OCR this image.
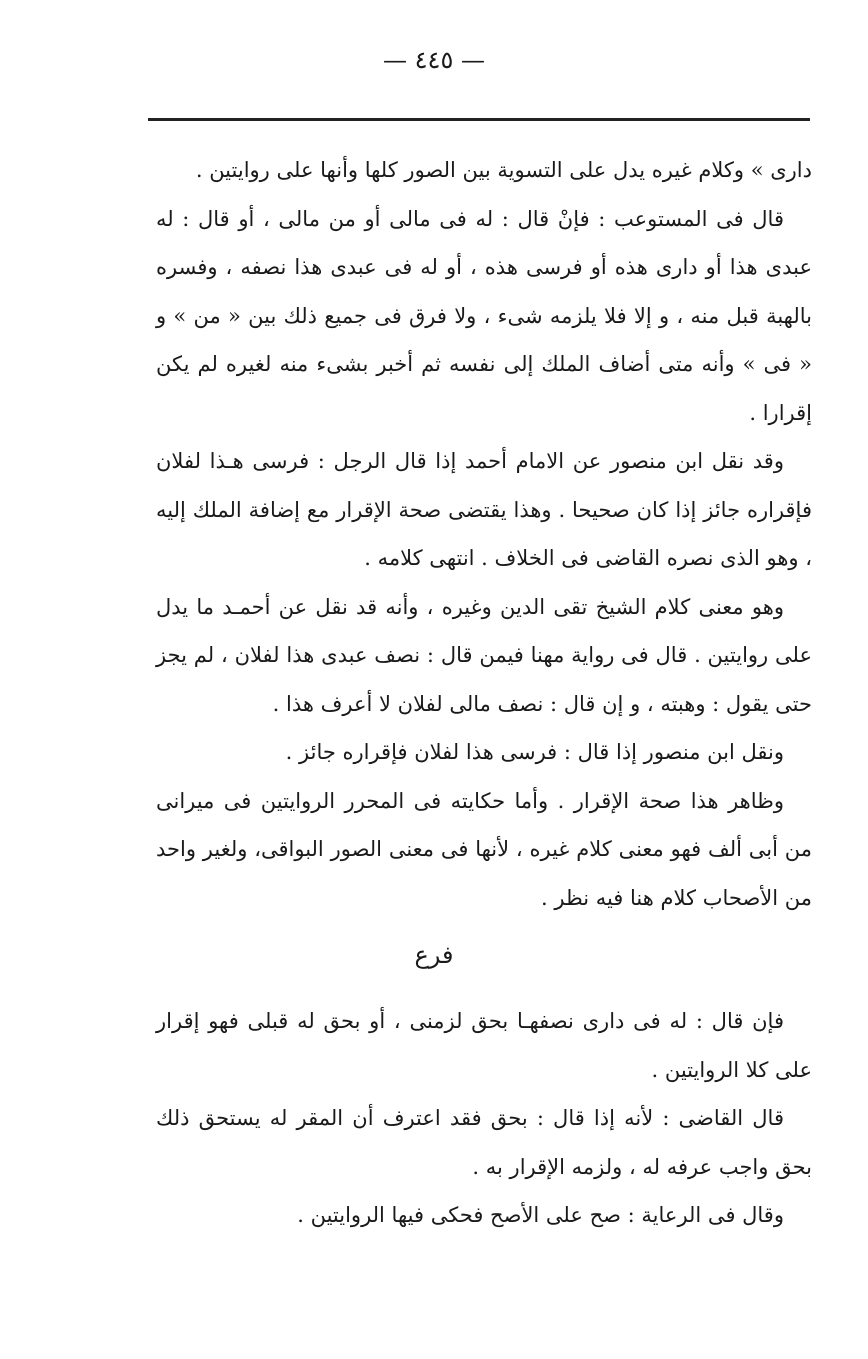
— ٤٤٥ —

داری » وكلام غيره يدل على التسوية بين الصور كلها وأنها على روايتين .

قال فى المستوعب : فإنْ قال : له فى مالى أو من مالى ، أو قال : له عبدى هذا أو دارى هذه أو فرسى هذه ، أو له فى عبدى هذا نصفه ، وفسره بالهبة قبل منه ، و إلا فلا يلزمه شىء ، ولا فرق فى جميع ذلك بين « من » و « فى » وأنه متى أضاف الملك إلى نفسه ثم أخبر بشىء منه لغيره لم يكن إقرارا .

وقد نقل ابن منصور عن الامام أحمد إذا قال الرجل : فرسى هـذا لفلان فإقراره جائز إذا كان صحيحا . وهذا يقتضى صحة الإقرار مع إضافة الملك إليه ، وهو الذى نصره القاضى فى الخلاف . انتهى كلامه .

وهو معنى كلام الشيخ تقى الدين وغيره ، وأنه قد نقل عن أحمـد ما يدل على روايتين . قال فى رواية مهنا فيمن قال : نصف عبدى هذا لفلان ، لم يجز حتى يقول : وهبته ، و إن قال : نصف مالى لفلان لا أعرف هذا .

ونقل ابن منصور إذا قال : فرسى هذا لفلان فإقراره جائز .

وظاهر هذا صحة الإقرار . وأما حكايته فى المحرر الروايتين فى ميرانى من أبى ألف فهو معنى كلام غيره ، لأنها فى معنى الصور البواقى، ولغير واحد من الأصحاب كلام هنا فيه نظر .

فرع

فإن قال : له فى دارى نصفهـا بحق لزمنى ، أو بحق له قبلى فهو إقرار على كلا الروايتين .

قال القاضى : لأنه إذا قال : بحق فقد اعترف أن المقر له يستحق ذلك بحق واجب عرفه له ، ولزمه الإقرار به .

وقال فى الرعاية : صح على الأصح فحكى فيها الروايتين .
